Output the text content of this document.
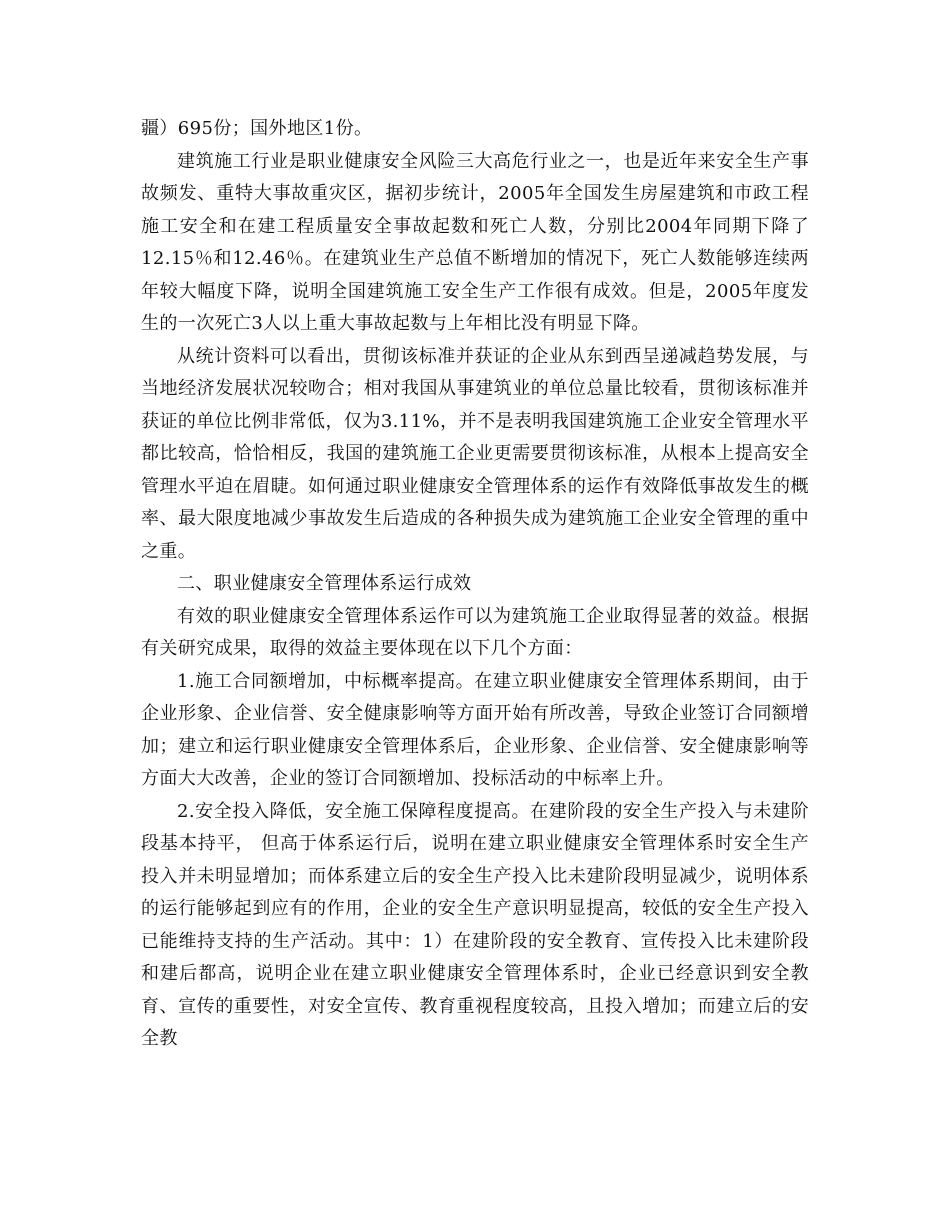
疆）695份；国外地区1份。

建筑施工行业是职业健康安全风险三大高危行业之一，也是近年来安全生产事故频发、重特大事故重灾区，据初步统计，2005年全国发生房屋建筑和市政工程施工安全和在建工程质量安全事故起数和死亡人数，分别比2004年同期下降了12.15％和12.46％。在建筑业生产总值不断增加的情况下，死亡人数能够连续两年较大幅度下降，说明全国建筑施工安全生产工作很有成效。但是，2005年度发生的一次死亡3人以上重大事故起数与上年相比没有明显下降。

从统计资料可以看出，贯彻该标准并获证的企业从东到西呈递减趋势发展，与当地经济发展状况较吻合；相对我国从事建筑业的单位总量比较看，贯彻该标准并获证的单位比例非常低，仅为3.11%，并不是表明我国建筑施工企业安全管理水平都比较高，恰恰相反，我国的建筑施工企业更需要贯彻该标准，从根本上提高安全管理水平迫在眉睫。如何通过职业健康安全管理体系的运作有效降低事故发生的概率、最大限度地减少事故发生后造成的各种损失成为建筑施工企业安全管理的重中之重。

二、职业健康安全管理体系运行成效

有效的职业健康安全管理体系运作可以为建筑施工企业取得显著的效益。根据有关研究成果，取得的效益主要体现在以下几个方面：

1.施工合同额增加，中标概率提高。在建立职业健康安全管理体系期间，由于企业形象、企业信誉、安全健康影响等方面开始有所改善，导致企业签订合同额增加；建立和运行职业健康安全管理体系后，企业形象、企业信誉、安全健康影响等方面大大改善，企业的签订合同额增加、投标活动的中标率上升。

2.安全投入降低，安全施工保障程度提高。在建阶段的安全生产投入与未建阶段基本持平， 但高于体系运行后，说明在建立职业健康安全管理体系时安全生产投入并未明显增加；而体系建立后的安全生产投入比未建阶段明显减少，说明体系的运行能够起到应有的作用，企业的安全生产意识明显提高，较低的安全生产投入已能维持支持的生产活动。其中：1）在建阶段的安全教育、宣传投入比未建阶段和建后都高，说明企业在建立职业健康安全管理体系时，企业已经意识到安全教育、宣传的重要性，对安全宣传、教育重视程度较高，且投入增加；而建立后的安全教
